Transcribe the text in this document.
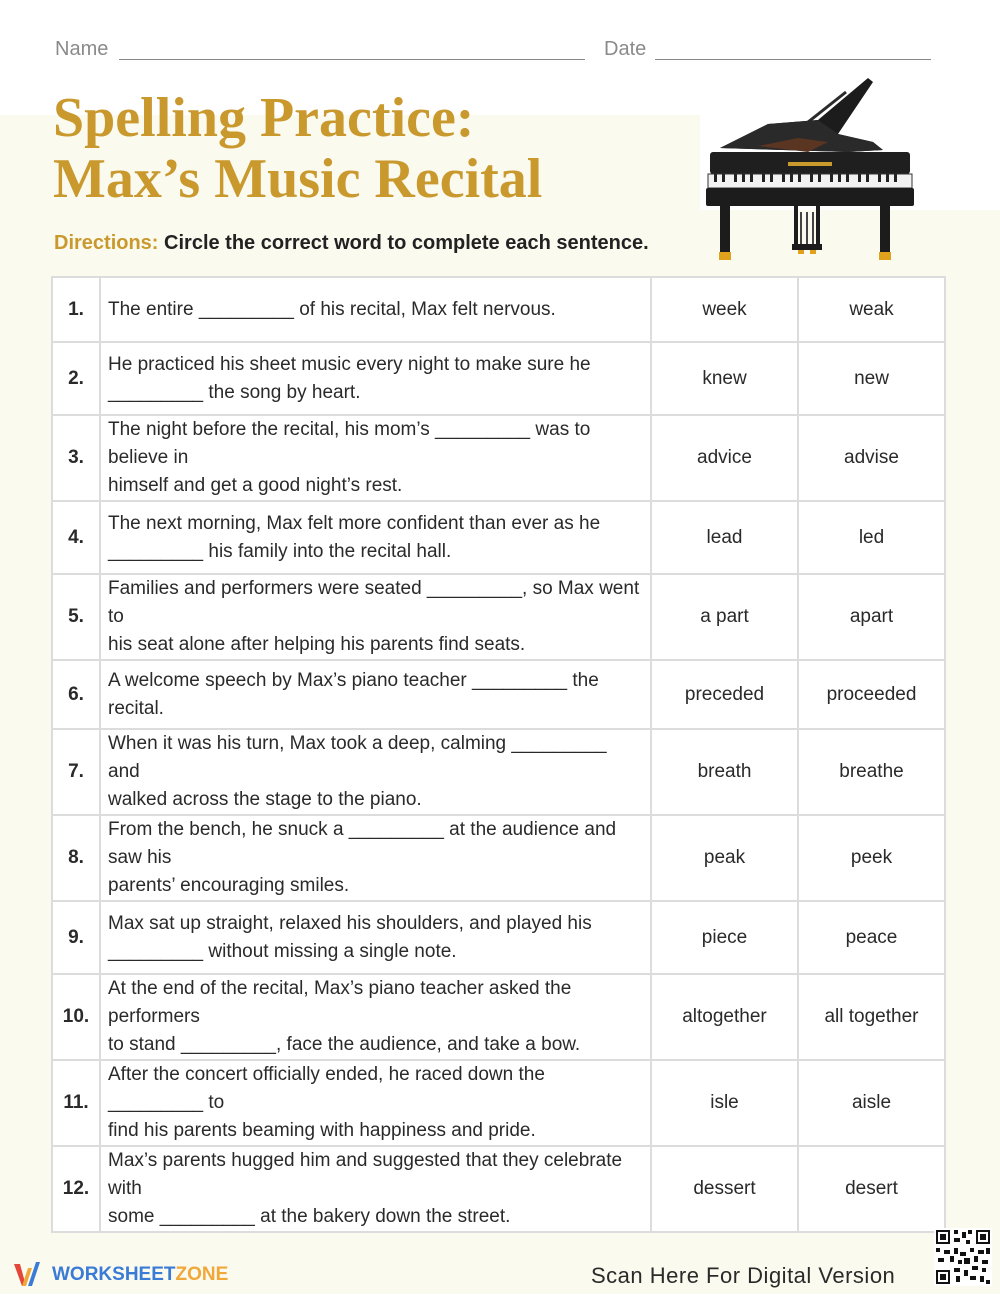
Name	Date
Spelling Practice:
Max’s Music Recital
Directions: Circle the correct word to complete each sentence.
1.	The entire _________ of his recital, Max felt nervous.	week	weak
2.	He practiced his sheet music every night to make sure he
_________ the song by heart.	knew	new
3.	The night before the recital, his mom’s _________ was to believe in
himself and get a good night’s rest.	advice	advise
4.	The next morning, Max felt more confident than ever as he
_________ his family into the recital hall.	lead	led
5.	Families and performers were seated _________, so Max went to
his seat alone after helping his parents find seats.	a part	apart
6.	A welcome speech by Max’s piano teacher _________ the recital.	preceded	proceeded
7.	When it was his turn, Max took a deep, calming _________ and
walked across the stage to the piano.	breath	breathe
8.	From the bench, he snuck a _________ at the audience and saw his
parents’ encouraging smiles.	peak	peek
9.	Max sat up straight, relaxed his shoulders, and played his
_________ without missing a single note.	piece	peace
10.	At the end of the recital, Max’s piano teacher asked the performers
to stand _________, face the audience, and take a bow.	altogether	all together
11.	After the concert officially ended, he raced down the _________ to
find his parents beaming with happiness and pride.	isle	aisle
12.	Max’s parents hugged him and suggested that they celebrate with
some _________ at the bakery down the street.	dessert	desert
WORKSHEETZONE	Scan Here For Digital Version
